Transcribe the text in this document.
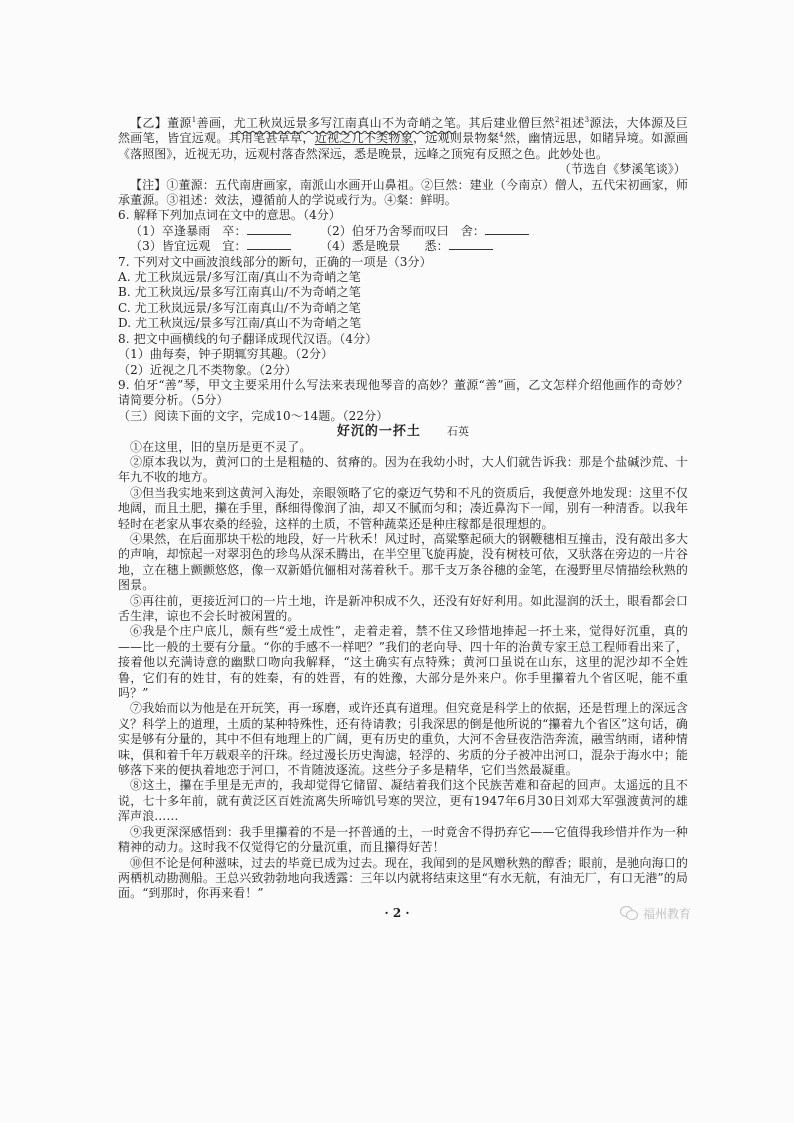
【乙】董源$^1$善画，尤工秋岚远景多写江南真山不为奇峭之笔。其后建业僧巨然$^2$祖述$^3$源法，大体源及巨然画笔，皆宜远观。其用笔甚草草，近视之几不类物象，远观则景物粲$^4$然，幽情远思，如睹异境。如源画《落照图》，近视无功，远观村落杳然深远，悉是晚景，远峰之顶宛有反照之色。此妙处也。

（节选自《梦溪笔谈》）

【注】①董源：五代南唐画家，南派山水画开山鼻祖。②巨然：建业（今南京）僧人，五代宋初画家，师承董源。③祖述：效法，遵循前人的学说或行为。④粲：鲜明。

6. 解释下列加点词在文中的意思。（4分）

（1）卒逢暴雨　卒：	（2）伯牙乃舍琴而叹曰　舍：
（3）皆宜远观　宜：	（4）悉是晚景　　悉：

7. 下列对文中画波浪线部分的断句，正确的一项是（3分）

A. 尤工秋岚远景/多写江南/真山不为奇峭之笔

B. 尤工秋岚远/景多写江南真山/不为奇峭之笔

C. 尤工秋岚远景/多写江南真山/不为奇峭之笔

D. 尤工秋岚远/景多写江南/真山不为奇峭之笔

8. 把文中画横线的句子翻译成现代汉语。（4分）

（1）曲每奏，钟子期辄穷其趣。（2分）

（2）近视之几不类物象。（2分）

9. 伯牙“善”琴，甲文主要采用什么写法来表现他琴音的高妙？董源“善”画，乙文怎样介绍他画作的奇妙？请简要分析。（5分）

（三）阅读下面的文字，完成10～14题。（22分）

好沉的一抔土 石英

①在这里，旧的皇历是更不灵了。

②原本我以为，黄河口的土是粗糙的、贫瘠的。因为在我幼小时，大人们就告诉我：那是个盐碱沙荒、十年九不收的地方。

③但当我实地来到这黄河入海处，亲眼领略了它的豪迈气势和不凡的资质后，我便意外地发现：这里不仅地阔，而且土肥，攥在手里，酥细得像润了油，却又不腻而匀和；凑近鼻沟下一闻，别有一种清香。以我年轻时在老家从事农桑的经验，这样的土质，不管种蔬菜还是种庄稼都是很理想的。

④果然，在后面那块干松的地段，好一片秋禾！风过时，高粱擎起硕大的钢鞭穗相互撞击，没有敲出多大的声响，却惊起一对翠羽色的珍鸟从深禾腾出，在半空里飞旋再旋，没有树枝可依，又驮落在旁边的一片谷地，立在穗上颤颤悠悠，像一双新婚伉俪相对荡着秋千。那千支万条谷穗的金笔，在漫野里尽情描绘秋熟的图景。

⑤再往前，更接近河口的一片土地，许是新冲积成不久，还没有好好利用。如此湿润的沃土，眼看都会口舌生津，谅也不会长时被闲置的。

⑥我是个庄户底儿，颇有些“爱土成性”，走着走着，禁不住又珍惜地捧起一抔土来，觉得好沉重，真的——比一般的土要有分量。“你的手感不一样吧？”我们的老向导、四十年的治黄专家王总工程师看出来了，接着他以充满诗意的幽默口吻向我解释，“这土确实有点特殊；黄河口虽说在山东，这里的泥沙却不全姓鲁，它们有的姓甘，有的姓秦，有的姓晋，有的姓豫，大部分是外来户。你手里攥着九个省区呢，能不重吗？”

⑦我始而以为他是在开玩笑，再一琢磨，或许还真有道理。但究竟是科学上的依据，还是哲理上的深远含义？科学上的道理，土质的某种特殊性，还有待请教；引我深思的倒是他所说的“攥着九个省区”这句话，确实是够有分量的，其中不但有地理上的广阔，更有历史的重负，大河不舍昼夜浩浩奔流，融雪纳雨，诸种情味，俱和着千年万载艰辛的汗珠。经过漫长历史淘滤，轻浮的、劣质的分子被冲出河口，混杂于海水中；能够落下来的便执着地恋于河口，不肯随波逐流。这些分子多是精华，它们当然最凝重。

⑧这土，攥在手里是无声的，我却觉得它储留、凝结着我们这个民族苦难和奋起的回声。太遥远的且不说，七十多年前，就有黄泛区百姓流离失所啼饥号寒的哭泣，更有1947年6月30日刘邓大军强渡黄河的雄浑声浪……

⑨我更深深感悟到：我手里攥着的不是一抔普通的土，一时竟舍不得扔弃它——它值得我珍惜并作为一种精神的动力。这时我不仅觉得它的分量沉重，而且攥得好苦！

⑩但不论是何种滋味，过去的毕竟已成为过去。现在，我闻到的是风赠秋熟的醇香；眼前，是驰向海口的两栖机动勘测船。王总兴致勃勃地向我透露：三年以内就将结束这里“有水无航，有油无厂，有口无港”的局面。“到那时，你再来看！”

· 2 ·	福州教育
